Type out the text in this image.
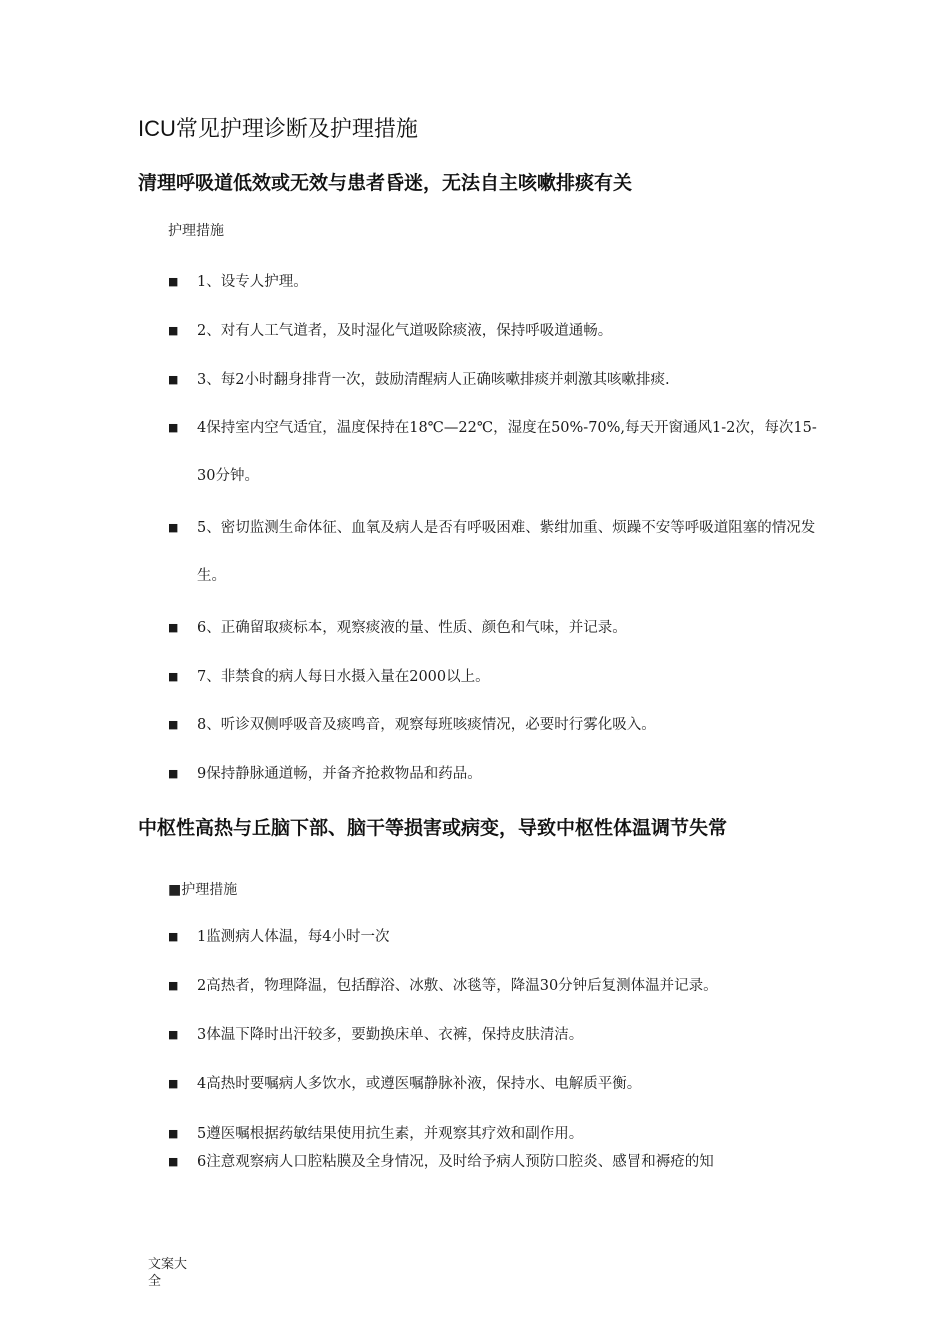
ICU常见护理诊断及护理措施
清理呼吸道低效或无效与患者昏迷，无法自主咳嗽排痰有关
护理措施
■	1、设专人护理。
■	2、对有人工气道者，及时湿化气道吸除痰液，保持呼吸道通畅。
■	3、每2小时翻身排背一次，鼓励清醒病人正确咳嗽排痰并刺激其咳嗽排痰.
■	4保持室内空气适宜，温度保持在18℃—22℃，湿度在50%-70%,每天开窗通风1-2次，每次15-30分钟。
■	5、密切监测生命体征、血氧及病人是否有呼吸困难、紫绀加重、烦躁不安等呼吸道阻塞的情况发生。
■	6、正确留取痰标本，观察痰液的量、性质、颜色和气味，并记录。
■	7、非禁食的病人每日水摄入量在2000以上。
■	8、听诊双侧呼吸音及痰鸣音，观察每班咳痰情况，必要时行雾化吸入。
■	9保持静脉通道畅，并备齐抢救物品和药品。
中枢性高热与丘脑下部、脑干等损害或病变，导致中枢性体温调节失常
■护理措施
■	1监测病人体温，每4小时一次
■	2高热者，物理降温，包括醇浴、冰敷、冰毯等，降温30分钟后复测体温并记录。
■	3体温下降时出汗较多，要勤换床单、衣裤，保持皮肤清洁。
■	4高热时要嘱病人多饮水，或遵医嘱静脉补液，保持水、电解质平衡。
■	5遵医嘱根据药敏结果使用抗生素，并观察其疗效和副作用。
■	6注意观察病人口腔粘膜及全身情况，及时给予病人预防口腔炎、感冒和褥疮的知
文案大全
